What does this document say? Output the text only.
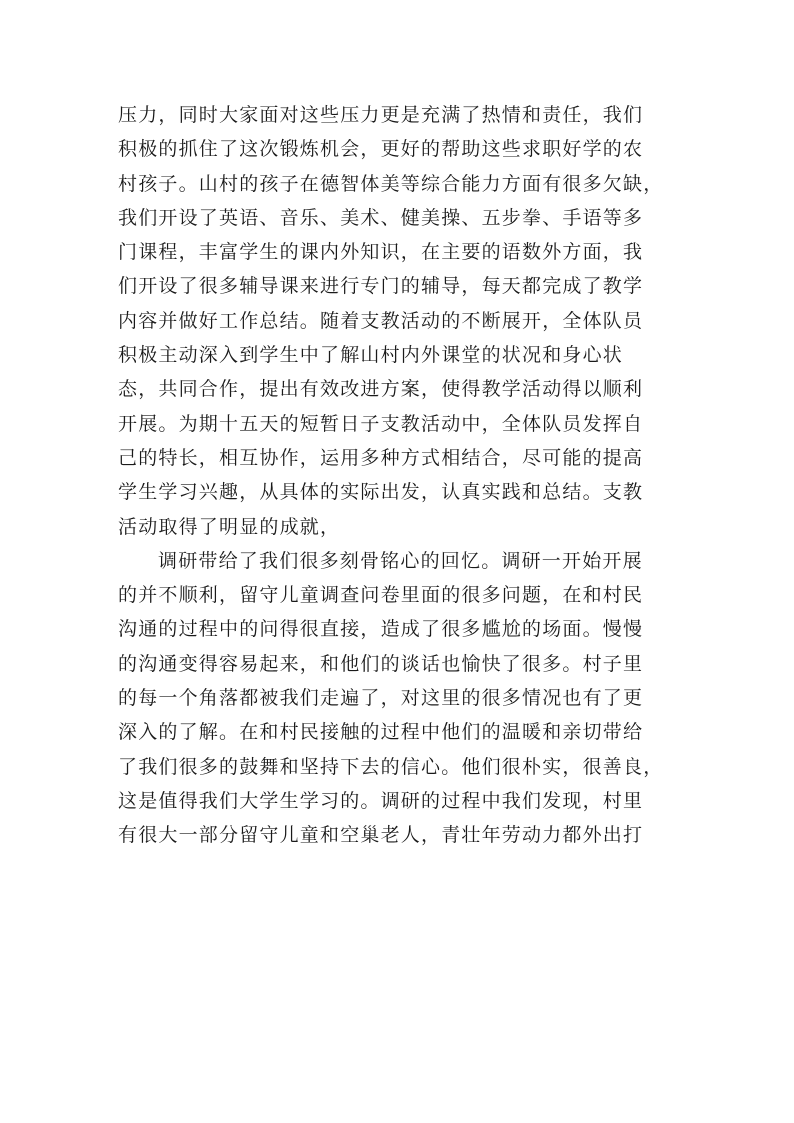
压力，同时大家面对这些压力更是充满了热情和责任，我们
积极的抓住了这次锻炼机会，更好的帮助这些求职好学的农
村孩子。山村的孩子在德智体美等综合能力方面有很多欠缺，
我们开设了英语、音乐、美术、健美操、五步拳、手语等多
门课程，丰富学生的课内外知识，在主要的语数外方面，我
们开设了很多辅导课来进行专门的辅导，每天都完成了教学
内容并做好工作总结。随着支教活动的不断展开，全体队员
积极主动深入到学生中了解山村内外课堂的状况和身心状
态，共同合作，提出有效改进方案，使得教学活动得以顺利
开展。为期十五天的短暂日子支教活动中，全体队员发挥自
己的特长，相互协作，运用多种方式相结合，尽可能的提高
学生学习兴趣，从具体的实际出发，认真实践和总结。支教
活动取得了明显的成就，
调研带给了我们很多刻骨铭心的回忆。调研一开始开展
的并不顺利，留守儿童调查问卷里面的很多问题，在和村民
沟通的过程中的问得很直接，造成了很多尴尬的场面。慢慢
的沟通变得容易起来，和他们的谈话也愉快了很多。村子里
的每一个角落都被我们走遍了，对这里的很多情况也有了更
深入的了解。在和村民接触的过程中他们的温暖和亲切带给
了我们很多的鼓舞和坚持下去的信心。他们很朴实，很善良，
这是值得我们大学生学习的。调研的过程中我们发现，村里
有很大一部分留守儿童和空巢老人，青壮年劳动力都外出打
